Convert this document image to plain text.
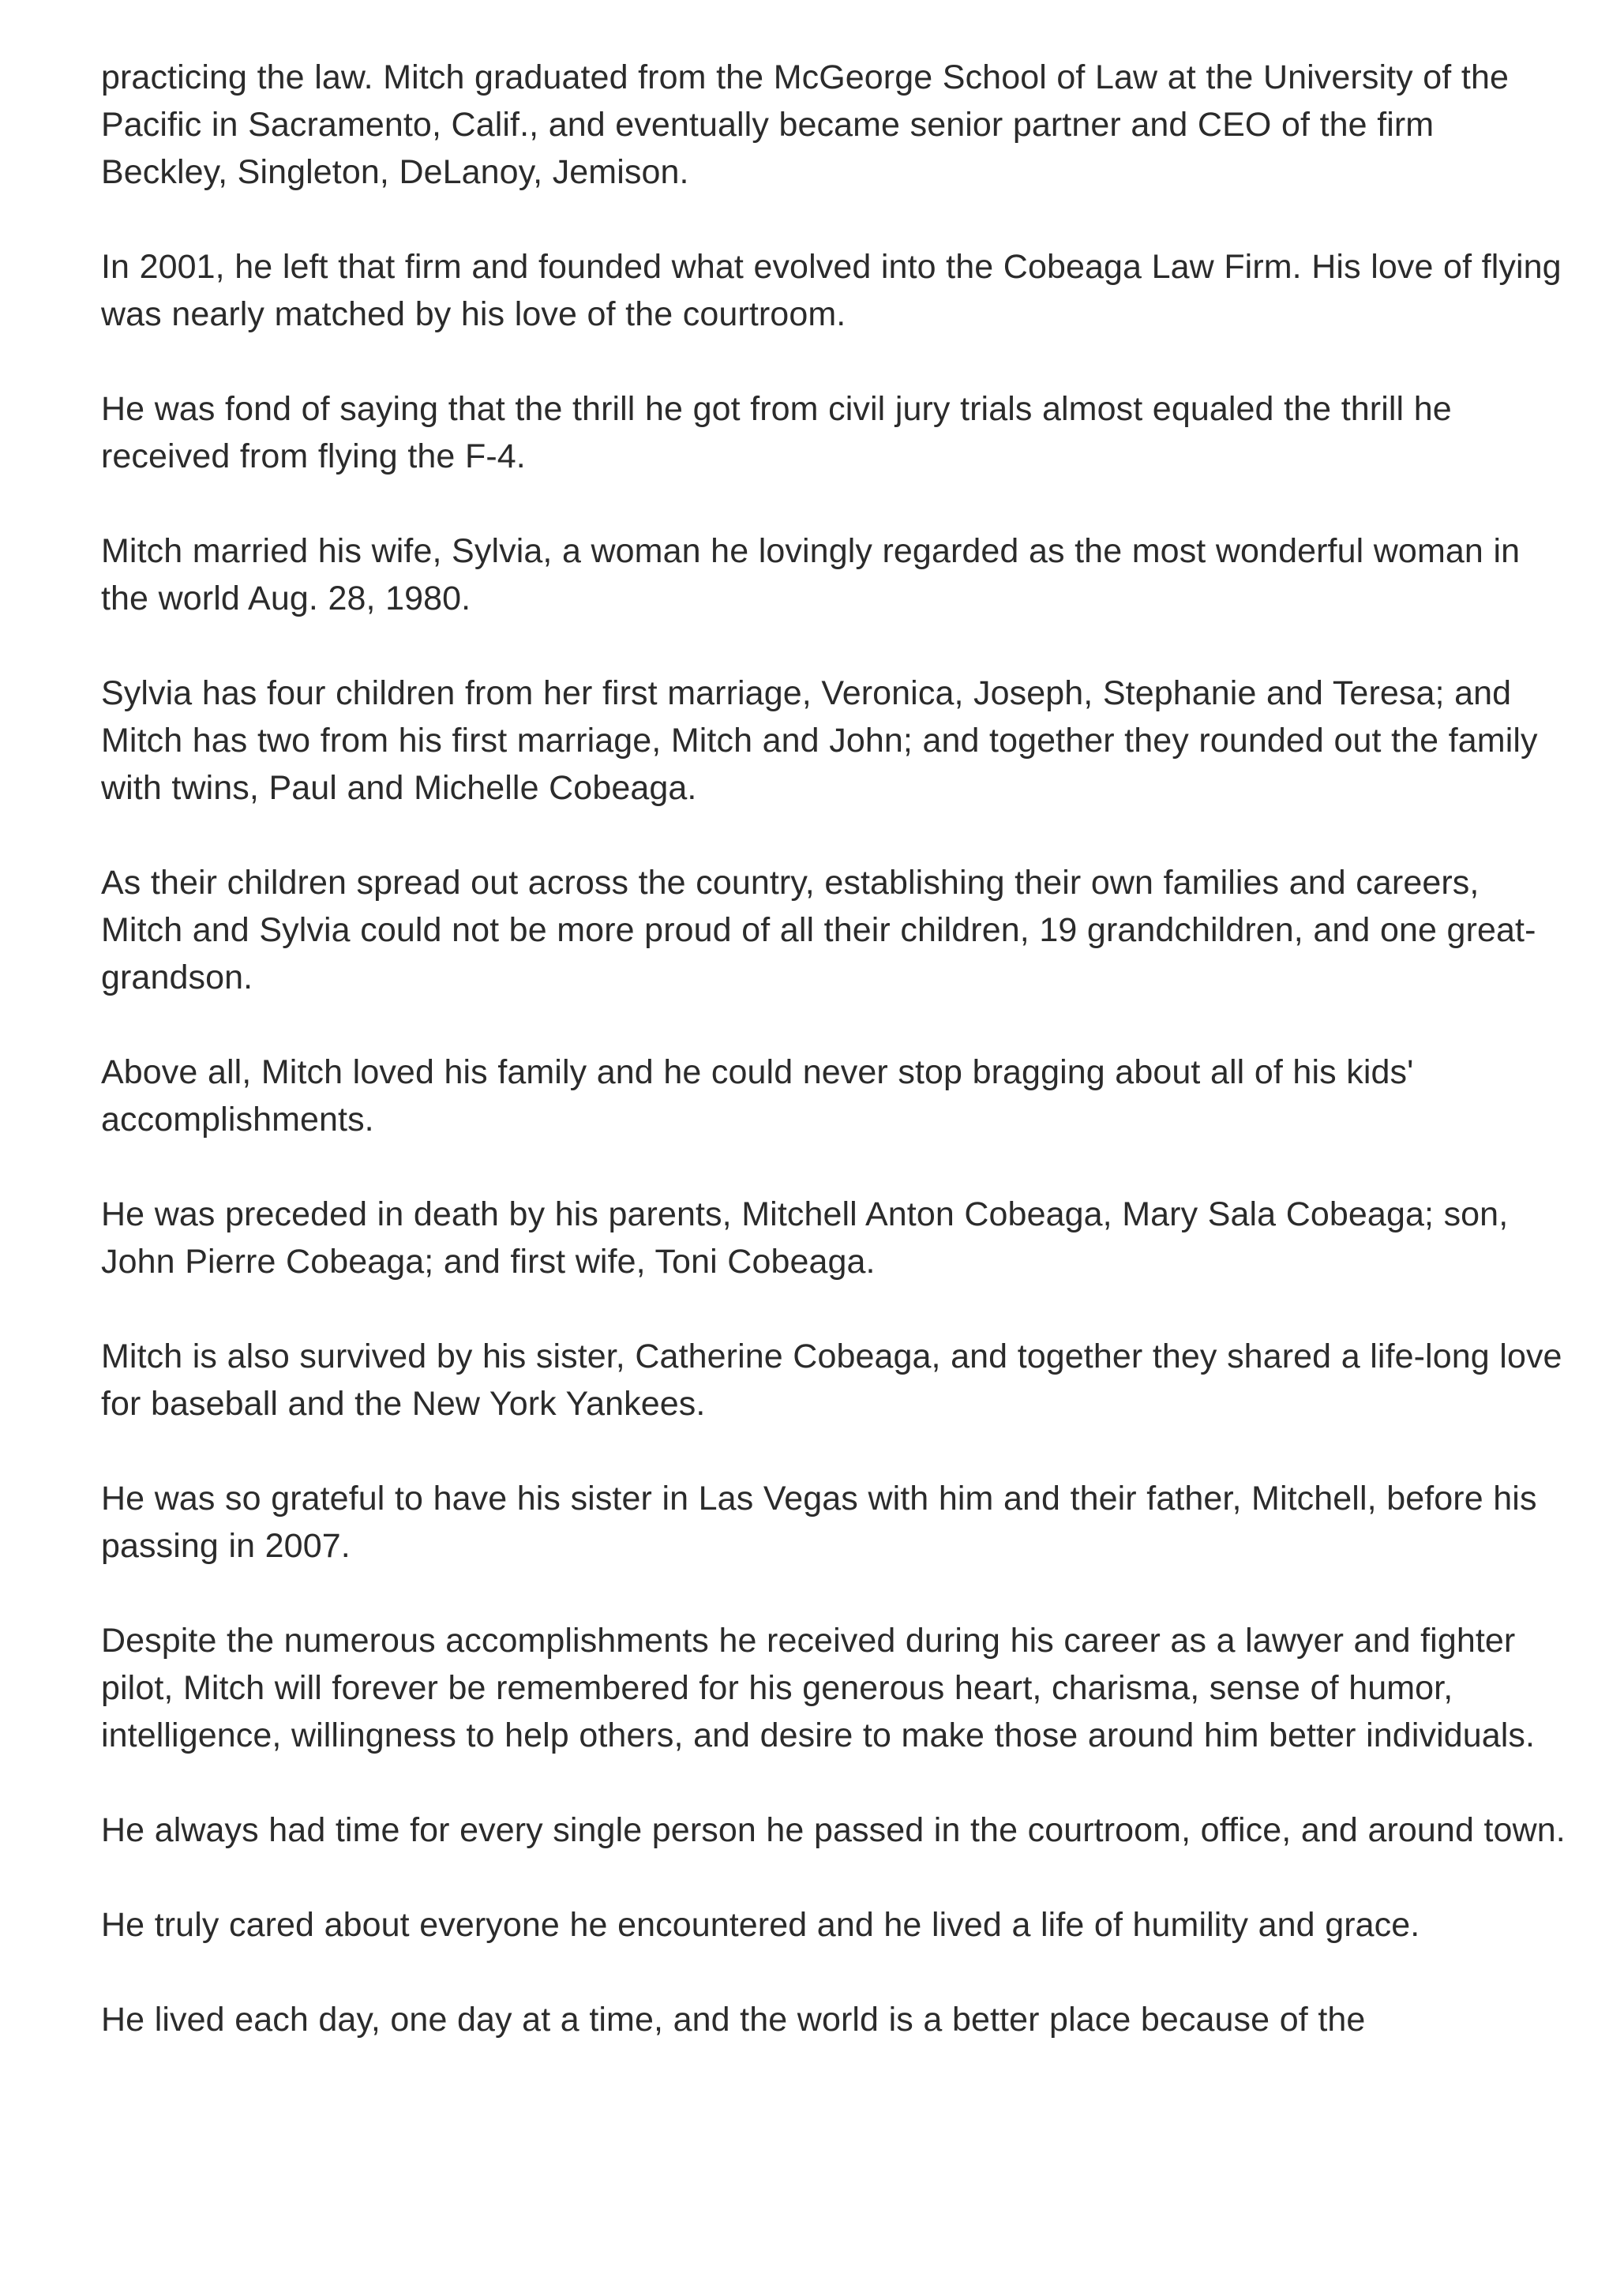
practicing the law. Mitch graduated from the McGeorge School of Law at the University of the Pacific in Sacramento, Calif., and eventually became senior partner and CEO of the firm Beckley, Singleton, DeLanoy, Jemison.

In 2001, he left that firm and founded what evolved into the Cobeaga Law Firm. His love of flying was nearly matched by his love of the courtroom.

He was fond of saying that the thrill he got from civil jury trials almost equaled the thrill he received from flying the F-4.

Mitch married his wife, Sylvia, a woman he lovingly regarded as the most wonderful woman in the world Aug. 28, 1980.

Sylvia has four children from her first marriage, Veronica, Joseph, Stephanie and Teresa; and Mitch has two from his first marriage, Mitch and John; and together they rounded out the family with twins, Paul and Michelle Cobeaga.

As their children spread out across the country, establishing their own families and careers, Mitch and Sylvia could not be more proud of all their children, 19 grandchildren, and one great-grandson.

Above all, Mitch loved his family and he could never stop bragging about all of his kids' accomplishments.

He was preceded in death by his parents, Mitchell Anton Cobeaga, Mary Sala Cobeaga; son, John Pierre Cobeaga; and first wife, Toni Cobeaga.

Mitch is also survived by his sister, Catherine Cobeaga, and together they shared a life-long love for baseball and the New York Yankees.

He was so grateful to have his sister in Las Vegas with him and their father, Mitchell, before his passing in 2007.

Despite the numerous accomplishments he received during his career as a lawyer and fighter pilot, Mitch will forever be remembered for his generous heart, charisma, sense of humor, intelligence, willingness to help others, and desire to make those around him better individuals.

He always had time for every single person he passed in the courtroom, office, and around town.

He truly cared about everyone he encountered and he lived a life of humility and grace.

He lived each day, one day at a time, and the world is a better place because of the
